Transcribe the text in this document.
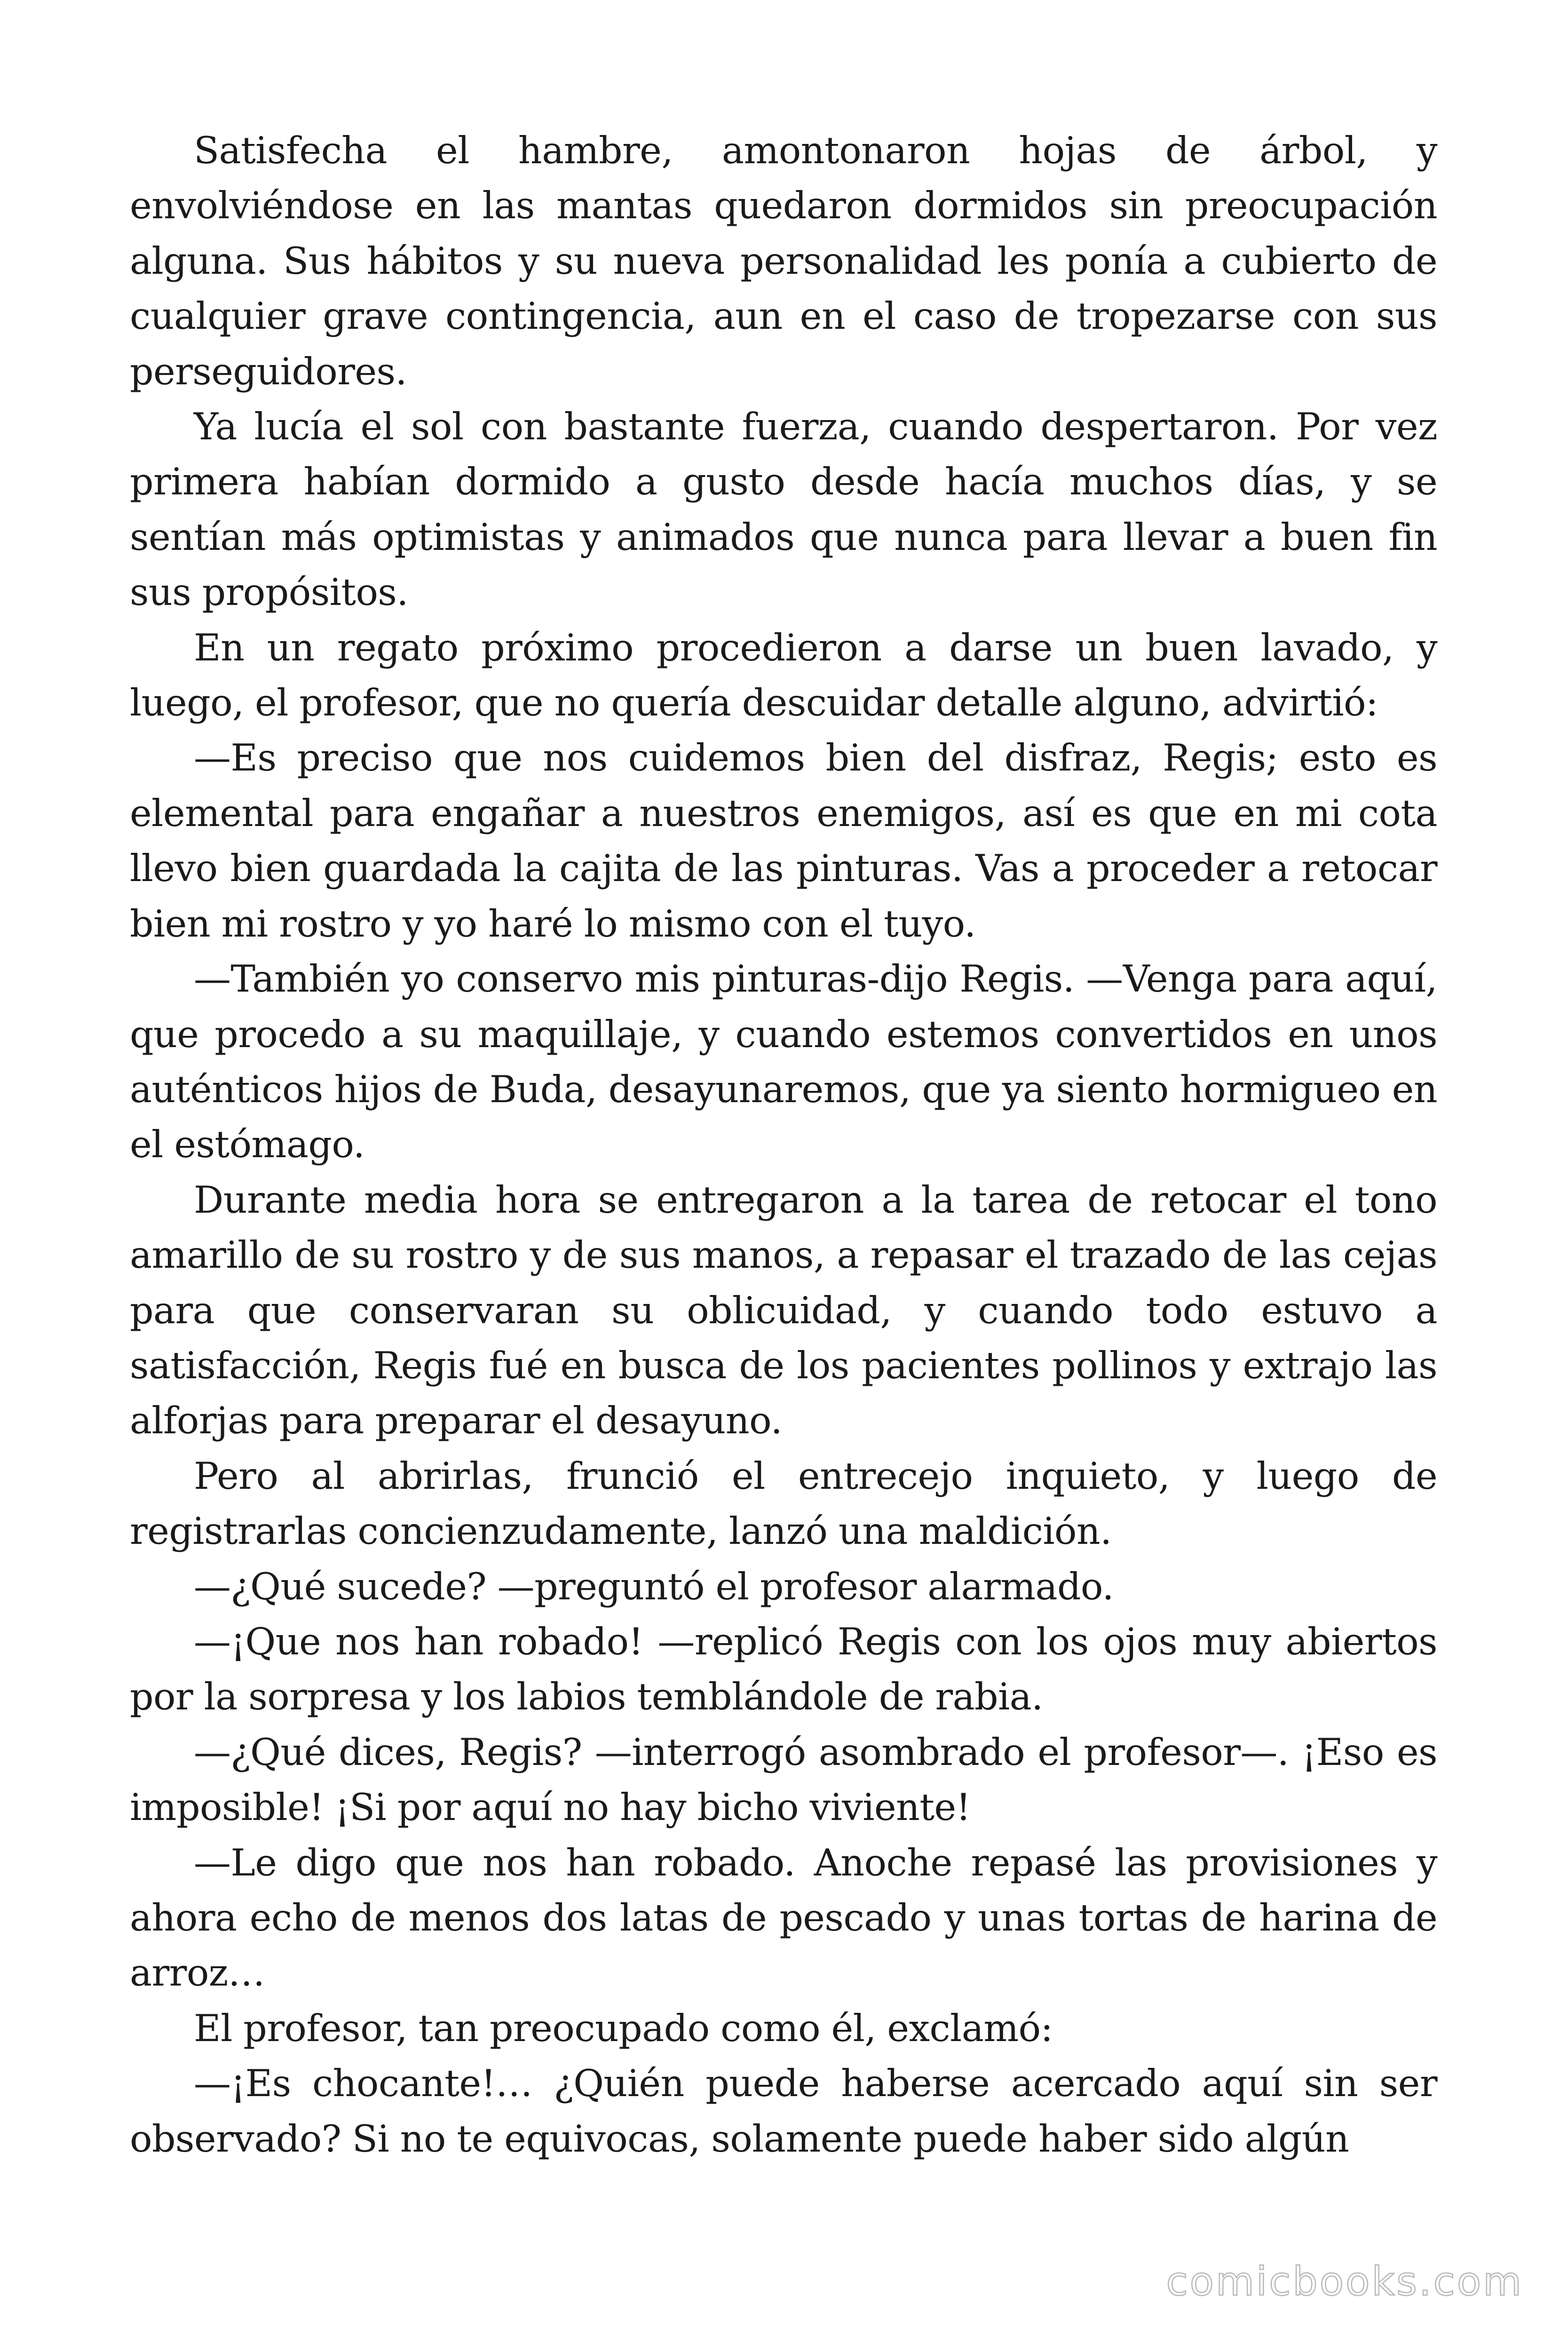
Satisfecha el hambre, amontonaron hojas de árbol, y envolviéndose en las mantas quedaron dormidos sin preocupación alguna. Sus hábitos y su nueva personalidad les ponía a cubierto de cualquier grave contingencia, aun en el caso de tropezarse con sus perseguidores.

Ya lucía el sol con bastante fuerza, cuando despertaron. Por vez primera habían dormido a gusto desde hacía muchos días, y se sentían más optimistas y animados que nunca para llevar a buen fin sus propósitos.

En un regato próximo procedieron a darse un buen lavado, y luego, el profesor, que no quería descuidar detalle alguno, advirtió:

—Es preciso que nos cuidemos bien del disfraz, Regis; esto es elemental para engañar a nuestros enemigos, así es que en mi cota llevo bien guardada la cajita de las pinturas. Vas a proceder a retocar bien mi rostro y yo haré lo mismo con el tuyo.

—También yo conservo mis pinturas-dijo Regis. —Venga para aquí, que procedo a su maquillaje, y cuando estemos convertidos en unos auténticos hijos de Buda, desayunaremos, que ya siento hormigueo en el estómago.

Durante media hora se entregaron a la tarea de retocar el tono amarillo de su rostro y de sus manos, a repasar el trazado de las cejas para que conservaran su oblicuidad, y cuando todo estuvo a satisfacción, Regis fué en busca de los pacientes pollinos y extrajo las alforjas para preparar el desayuno.

Pero al abrirlas, frunció el entrecejo inquieto, y luego de registrarlas concienzudamente, lanzó una maldición.

—¿Qué sucede? —preguntó el profesor alarmado.

—¡Que nos han robado! —replicó Regis con los ojos muy abiertos por la sorpresa y los labios temblándole de rabia.

—¿Qué dices, Regis? —interrogó asombrado el profesor—. ¡Eso es imposible! ¡Si por aquí no hay bicho viviente!

—Le digo que nos han robado. Anoche repasé las provisiones y ahora echo de menos dos latas de pescado y unas tortas de harina de arroz…

El profesor, tan preocupado como él, exclamó:

—¡Es chocante!… ¿Quién puede haberse acercado aquí sin ser observado? Si no te equivocas, solamente puede haber sido algún

comicbooks.com
